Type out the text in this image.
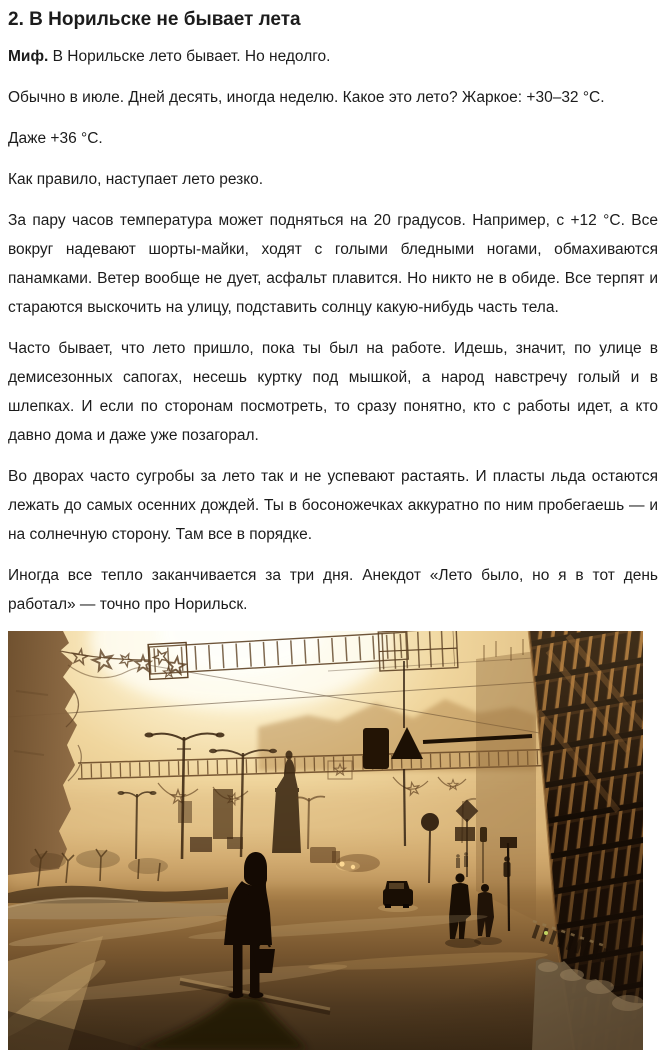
2. В Норильске не бывает лета

Миф. В Норильске лето бывает. Но недолго.

Обычно в июле. Дней десять, иногда неделю. Какое это лето? Жаркое: +30–32 °C.

Даже +36 °C.

Как правило, наступает лето резко.

За пару часов температура может подняться на 20 градусов. Например, с +12 °C. Все вокруг надевают шорты-майки, ходят с голыми бледными ногами, обмахиваются панамками. Ветер вообще не дует, асфальт плавится. Но никто не в обиде. Все терпят и стараются выскочить на улицу, подставить солнцу какую-нибудь часть тела.

Часто бывает, что лето пришло, пока ты был на работе. Идешь, значит, по улице в демисезонных сапогах, несешь куртку под мышкой, а народ навстречу голый и в шлепках. И если по сторонам посмотреть, то сразу понятно, кто с работы идет, а кто давно дома и даже уже позагорал.

Во дворах часто сугробы за лето так и не успевают растаять. И пласты льда остаются лежать до самых осенних дождей. Ты в босоножечках аккуратно по ним пробегаешь — и на солнечную сторону. Там все в порядке.

Иногда все тепло заканчивается за три дня. Анекдот «Лето было, но я в тот день работал» — точно про Норильск.
